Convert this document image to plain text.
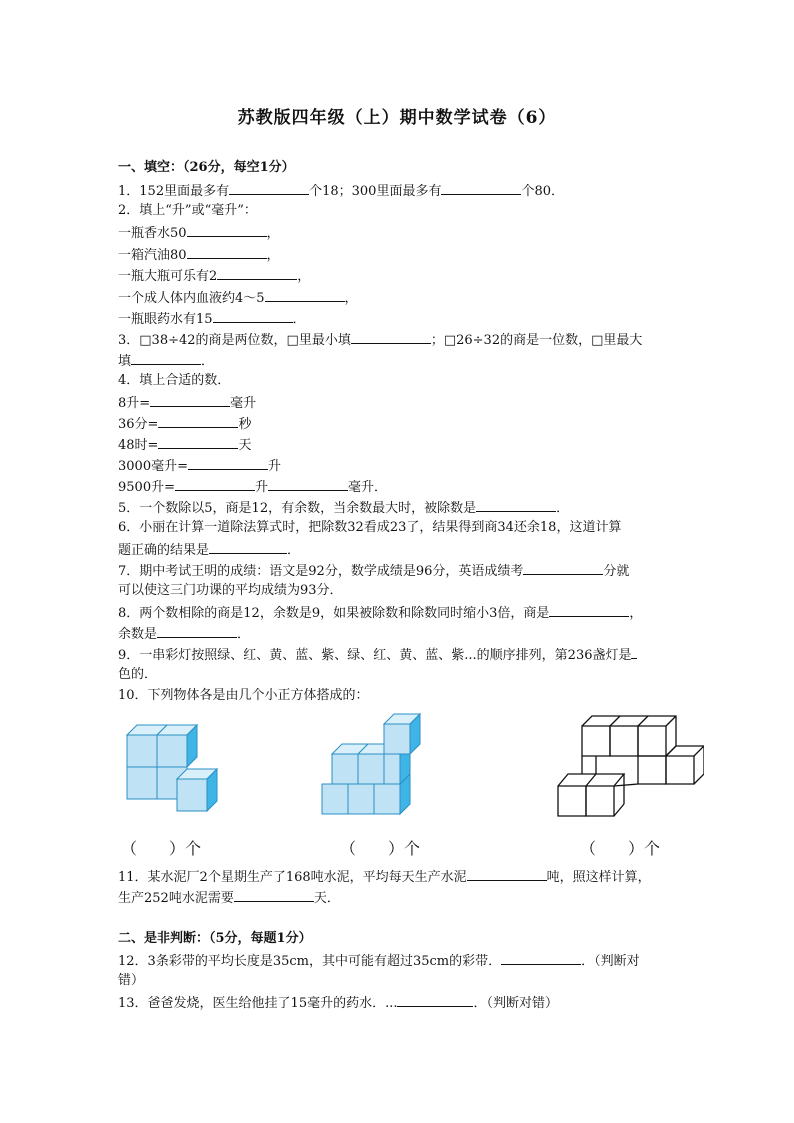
苏教版四年级（上）期中数学试卷（6）
一、填空：（26分，每空1分）
1．152里面最多有	个18；300里面最多有	个80．
2．填上“升”或“毫升”：
一瓶香水50	，
一箱汽油80	，
一瓶大瓶可乐有2	，
一个成人体内血液约4～5	，
一瓶眼药水有15	．
3．□38÷42的商是两位数，□里最小填	；□26÷32的商是一位数，□里最大
填	．
4．填上合适的数．
8升=	毫升
36分=	秒
48时=	天
3000毫升=	升
9500升=	升	毫升．
5．一个数除以5，商是12，有余数，当余数最大时，被除数是	．
6．小丽在计算一道除法算式时，把除数32看成23了，结果得到商34还余18，这道计算
题正确的结果是	．
7．期中考试王明的成绩：语文是92分，数学成绩是96分，英语成绩考	分就
可以使这三门功课的平均成绩为93分．
8．两个数相除的商是12，余数是9，如果被除数和除数同时缩小3倍，商是	，
余数是	．
9．一串彩灯按照绿、红、黄、蓝、紫、绿、红、黄、蓝、紫...的顺序排列，第236盏灯是
色的．
10．下列物体各是由几个小正方体搭成的：
（　　）个	（　　）个	（　　）个
11．某水泥厂2个星期生产了168吨水泥，平均每天生产水泥	吨，照这样计算，
生产252吨水泥需要	天．
二、是非判断：（5分，每题1分）
12．3条彩带的平均长度是35cm，其中可能有超过35cm的彩带．	．（判断对
错）
13．爸爸发烧，医生给他挂了15毫升的药水．...	．（判断对错）
